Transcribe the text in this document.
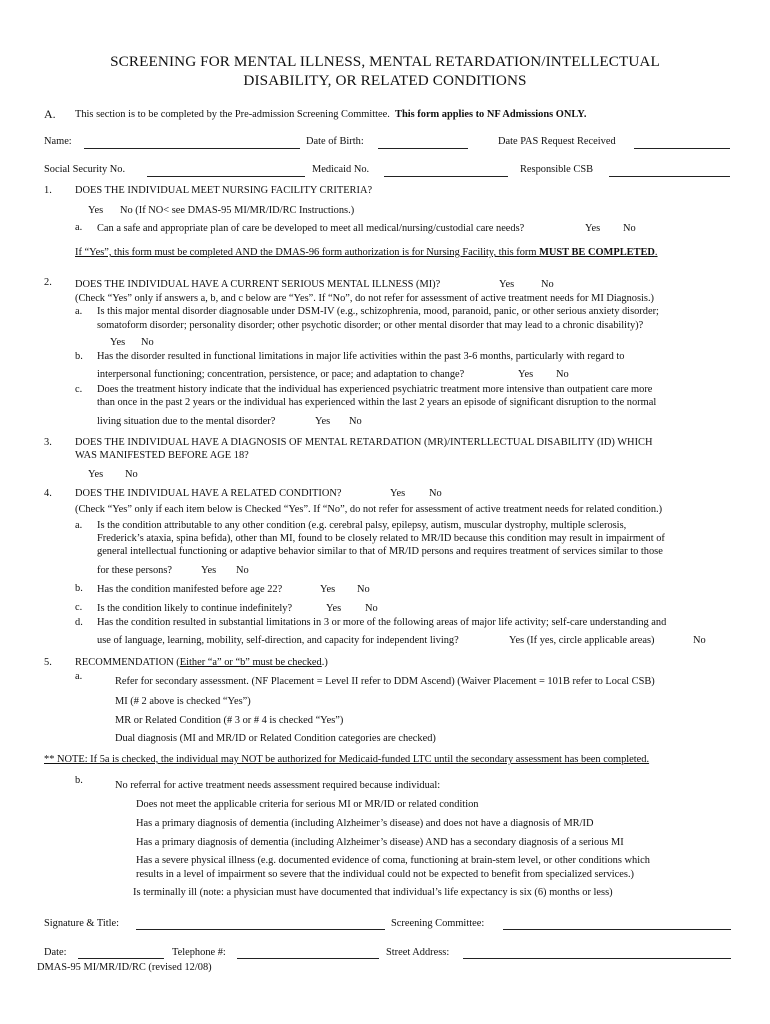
SCREENING FOR MENTAL ILLNESS, MENTAL RETARDATION/INTELLECTUAL
DISABILITY, OR RELATED CONDITIONS
A. This section is to be completed by the Pre-admission Screening Committee. This form applies to NF Admissions ONLY.
Name:	Date of Birth:	Date PAS Request Received
Social Security No.	Medicaid No.	Responsible CSB
1. DOES THE INDIVIDUAL MEET NURSING FACILITY CRITERIA?
Yes No (If NO< see DMAS-95 MI/MR/ID/RC Instructions.)
a. Can a safe and appropriate plan of care be developed to meet all medical/nursing/custodial care needs?	Yes No
If “Yes”, this form must be completed AND the DMAS-96 form authorization is for Nursing Facility, this form MUST BE COMPLETED.
2. DOES THE INDIVIDUAL HAVE A CURRENT SERIOUS MENTAL ILLNESS (MI)?	Yes	No
(Check “Yes” only if answers a, b, and c below are “Yes”. If “No”, do not refer for assessment of active treatment needs for MI Diagnosis.)
a. Is this major mental disorder diagnosable under DSM-IV (e.g., schizophrenia, mood, paranoid, panic, or other serious anxiety disorder;
somatoform disorder; personality disorder; other psychotic disorder; or other mental disorder that may lead to a chronic disability)?
Yes No
b. Has the disorder resulted in functional limitations in major life activities within the past 3-6 months, particularly with regard to
interpersonal functioning; concentration, persistence, or pace; and adaptation to change?	Yes No
c. Does the treatment history indicate that the individual has experienced psychiatric treatment more intensive than outpatient care more
than once in the past 2 years or the individual has experienced within the last 2 years an episode of significant disruption to the normal
living situation due to the mental disorder?	Yes No
3. DOES THE INDIVIDUAL HAVE A DIAGNOSIS OF MENTAL RETARDATION (MR)/INTERLLECTUAL DISABILITY (ID) WHICH
WAS MANIFESTED BEFORE AGE 18?
Yes No
4. DOES THE INDIVIDUAL HAVE A RELATED CONDITION?	Yes No
(Check “Yes” only if each item below is Checked “Yes”. If “No”, do not refer for assessment of active treatment needs for related condition.)
a. Is the condition attributable to any other condition (e.g. cerebral palsy, epilepsy, autism, muscular dystrophy, multiple sclerosis,
Frederick’s ataxia, spina befida), other than MI, found to be closely related to MR/ID because this condition may result in impairment of
general intellectual functioning or adaptive behavior similar to that of MR/ID persons and requires treatment of services similar to those
for these persons?	Yes No
b. Has the condition manifested before age 22?	Yes No
c. Is the condition likely to continue indefinitely?	Yes No
d. Has the condition resulted in substantial limitations in 3 or more of the following areas of major life activity; self-care understanding and
use of language, learning, mobility, self-direction, and capacity for independent living?	Yes (If yes, circle applicable areas)	No
5. RECOMMENDATION (Either “a” or “b” must be checked.)
a.	Refer for secondary assessment. (NF Placement = Level II refer to DDM Ascend) (Waiver Placement = 101B refer to Local CSB)
MI (# 2 above is checked “Yes”)
MR or Related Condition (# 3 or # 4 is checked “Yes”)
Dual diagnosis (MI and MR/ID or Related Condition categories are checked)
** NOTE: If 5a is checked, the individual may NOT be authorized for Medicaid-funded LTC until the secondary assessment has been completed.
b.	No referral for active treatment needs assessment required because individual:
Does not meet the applicable criteria for serious MI or MR/ID or related condition
Has a primary diagnosis of dementia (including Alzheimer’s disease) and does not have a diagnosis of MR/ID
Has a primary diagnosis of dementia (including Alzheimer’s disease) AND has a secondary diagnosis of a serious MI
Has a severe physical illness (e.g. documented evidence of coma, functioning at brain-stem level, or other conditions which
results in a level of impairment so severe that the individual could not be expected to benefit from specialized services.)
Is terminally ill (note: a physician must have documented that individual’s life expectancy is six (6) months or less)
Signature & Title:	Screening Committee:
Date:	Telephone #:	Street Address:
DMAS-95 MI/MR/ID/RC (revised 12/08)
